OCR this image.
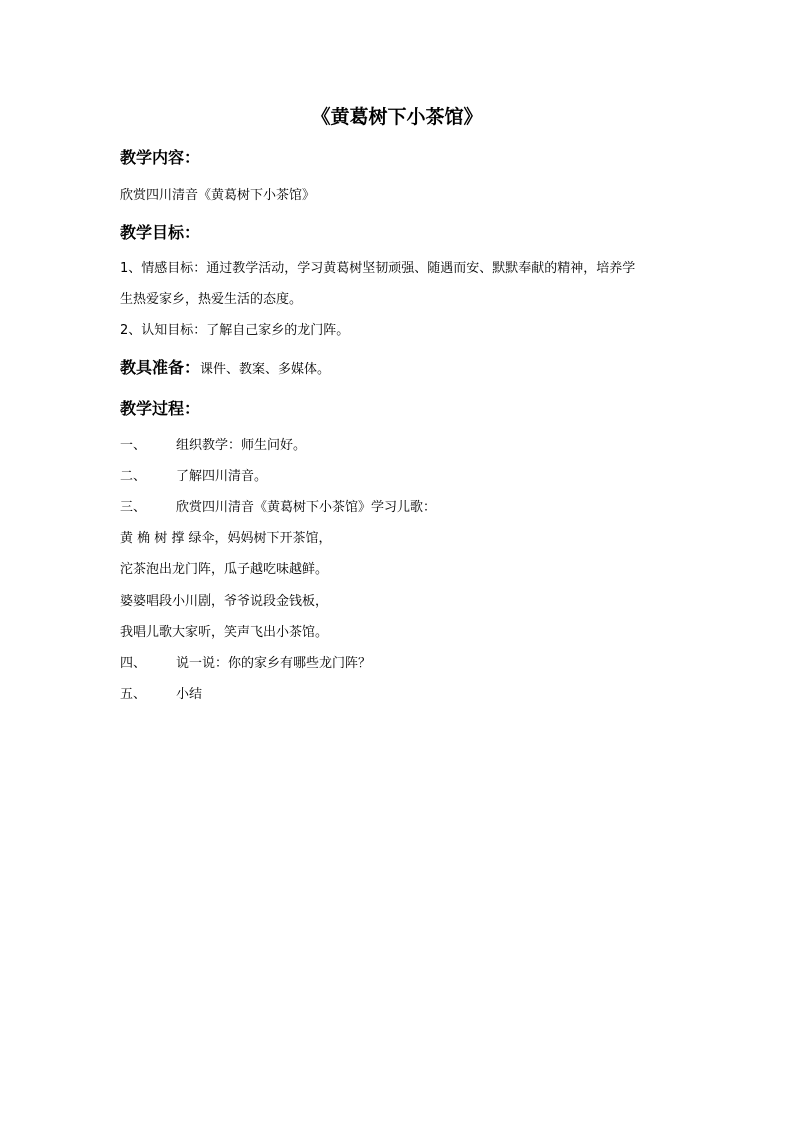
《黄葛树下小茶馆》
教学内容：
欣赏四川清音《黄葛树下小茶馆》
教学目标：
1、情感目标：通过教学活动，学习黄葛树坚韧顽强、随遇而安、默默奉献的精神，培养学
生热爱家乡，热爱生活的态度。
2、认知目标：了解自己家乡的龙门阵。
教具准备：课件、教案、多媒体。
教学过程：
一、 组织教学：师生问好。
二、 了解四川清音。
三、 欣赏四川清音《黄葛树下小茶馆》学习儿歌：
黄 桷 树 撑 绿伞，妈妈树下开茶馆，
沱茶泡出龙门阵，瓜子越吃味越鲜。
婆婆唱段小川剧，爷爷说段金钱板，
我唱儿歌大家听，笑声飞出小茶馆。
四、 说一说：你的家乡有哪些龙门阵？
五、 小结
